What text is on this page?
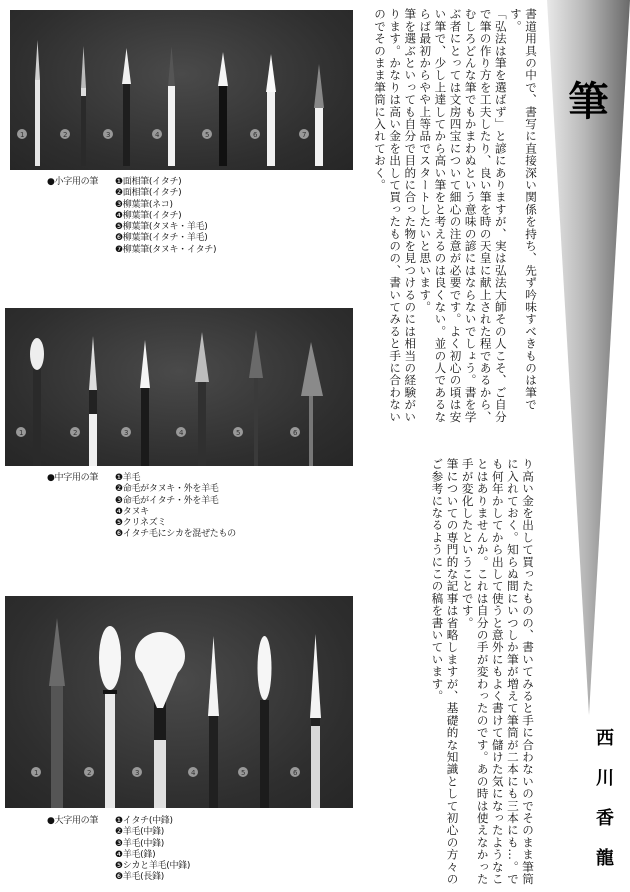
筆
西川香龍
1	2	3	4	5	6	7
●小字用の筆 ❶面相筆(イタチ)
❷面相筆(イタチ)
❸柳葉筆(ネコ)
❹柳葉筆(イタチ)
❺柳葉筆(タヌキ・羊毛)
❻柳葉筆(イタチ・羊毛)
❼柳葉筆(タヌキ・イタチ)
1	2	3	4	5	6
●中字用の筆 ❶羊毛
❷命毛がタヌキ・外を羊毛
❸命毛がイタチ・外を羊毛
❹タヌキ
❺クリネズミ
❻イタチ毛にシカを混ぜたもの
1	2	3	4	5	6
●大字用の筆 ❶イタチ(中鋒)
❷羊毛(中鋒)
❸羊毛(中鋒)
❹羊毛(鋒)
❺シカと羊毛(中鋒)
❻羊毛(長鋒)

書道用具の中で、書写に直接深い関係を持ち、先ず吟味すべきものは筆です。

「弘法は筆を選ばず」と諺にありますが、実は弘法大師その人こそ、ご自分で筆の作り方を工夫したり、良い筆を時の天皇に献上された程であるから、むしろどんな筆でもかまわぬという意味の諺にはならないでしょう。書を学ぶ者にとっては文房四宝について細心の注意が必要です。よく初心の頃は安い筆で、少し上達してから高い筆をと考えるのは良くない。並の人であるならば最初からやや上等品でスタートしたいと思います。

筆を選ぶといっても自分で目的に合った物を見つけるのには相当の経験がいります。かなりは高い金を出して買ったものの、書いてみると手に合わないのでそのまま筆筒に入れておく。

り高い金を出して買ったものの、書いてみると手に合わないのでそのまま筆筒に入れておく。知らぬ間にいつしか筆が増えて筆筒が二本にも三本にも…。でも何年かしてから出して使うと意外にもよく書けて儲けた気になったようなことはありませんか。これは自分の手が変わったのです。あの時は使えなかった手が変化したということです。

筆についての専門的な記事は省略しますが、基礎的な知識として初心の方々のご参考になるようにこの稿を書いています。
